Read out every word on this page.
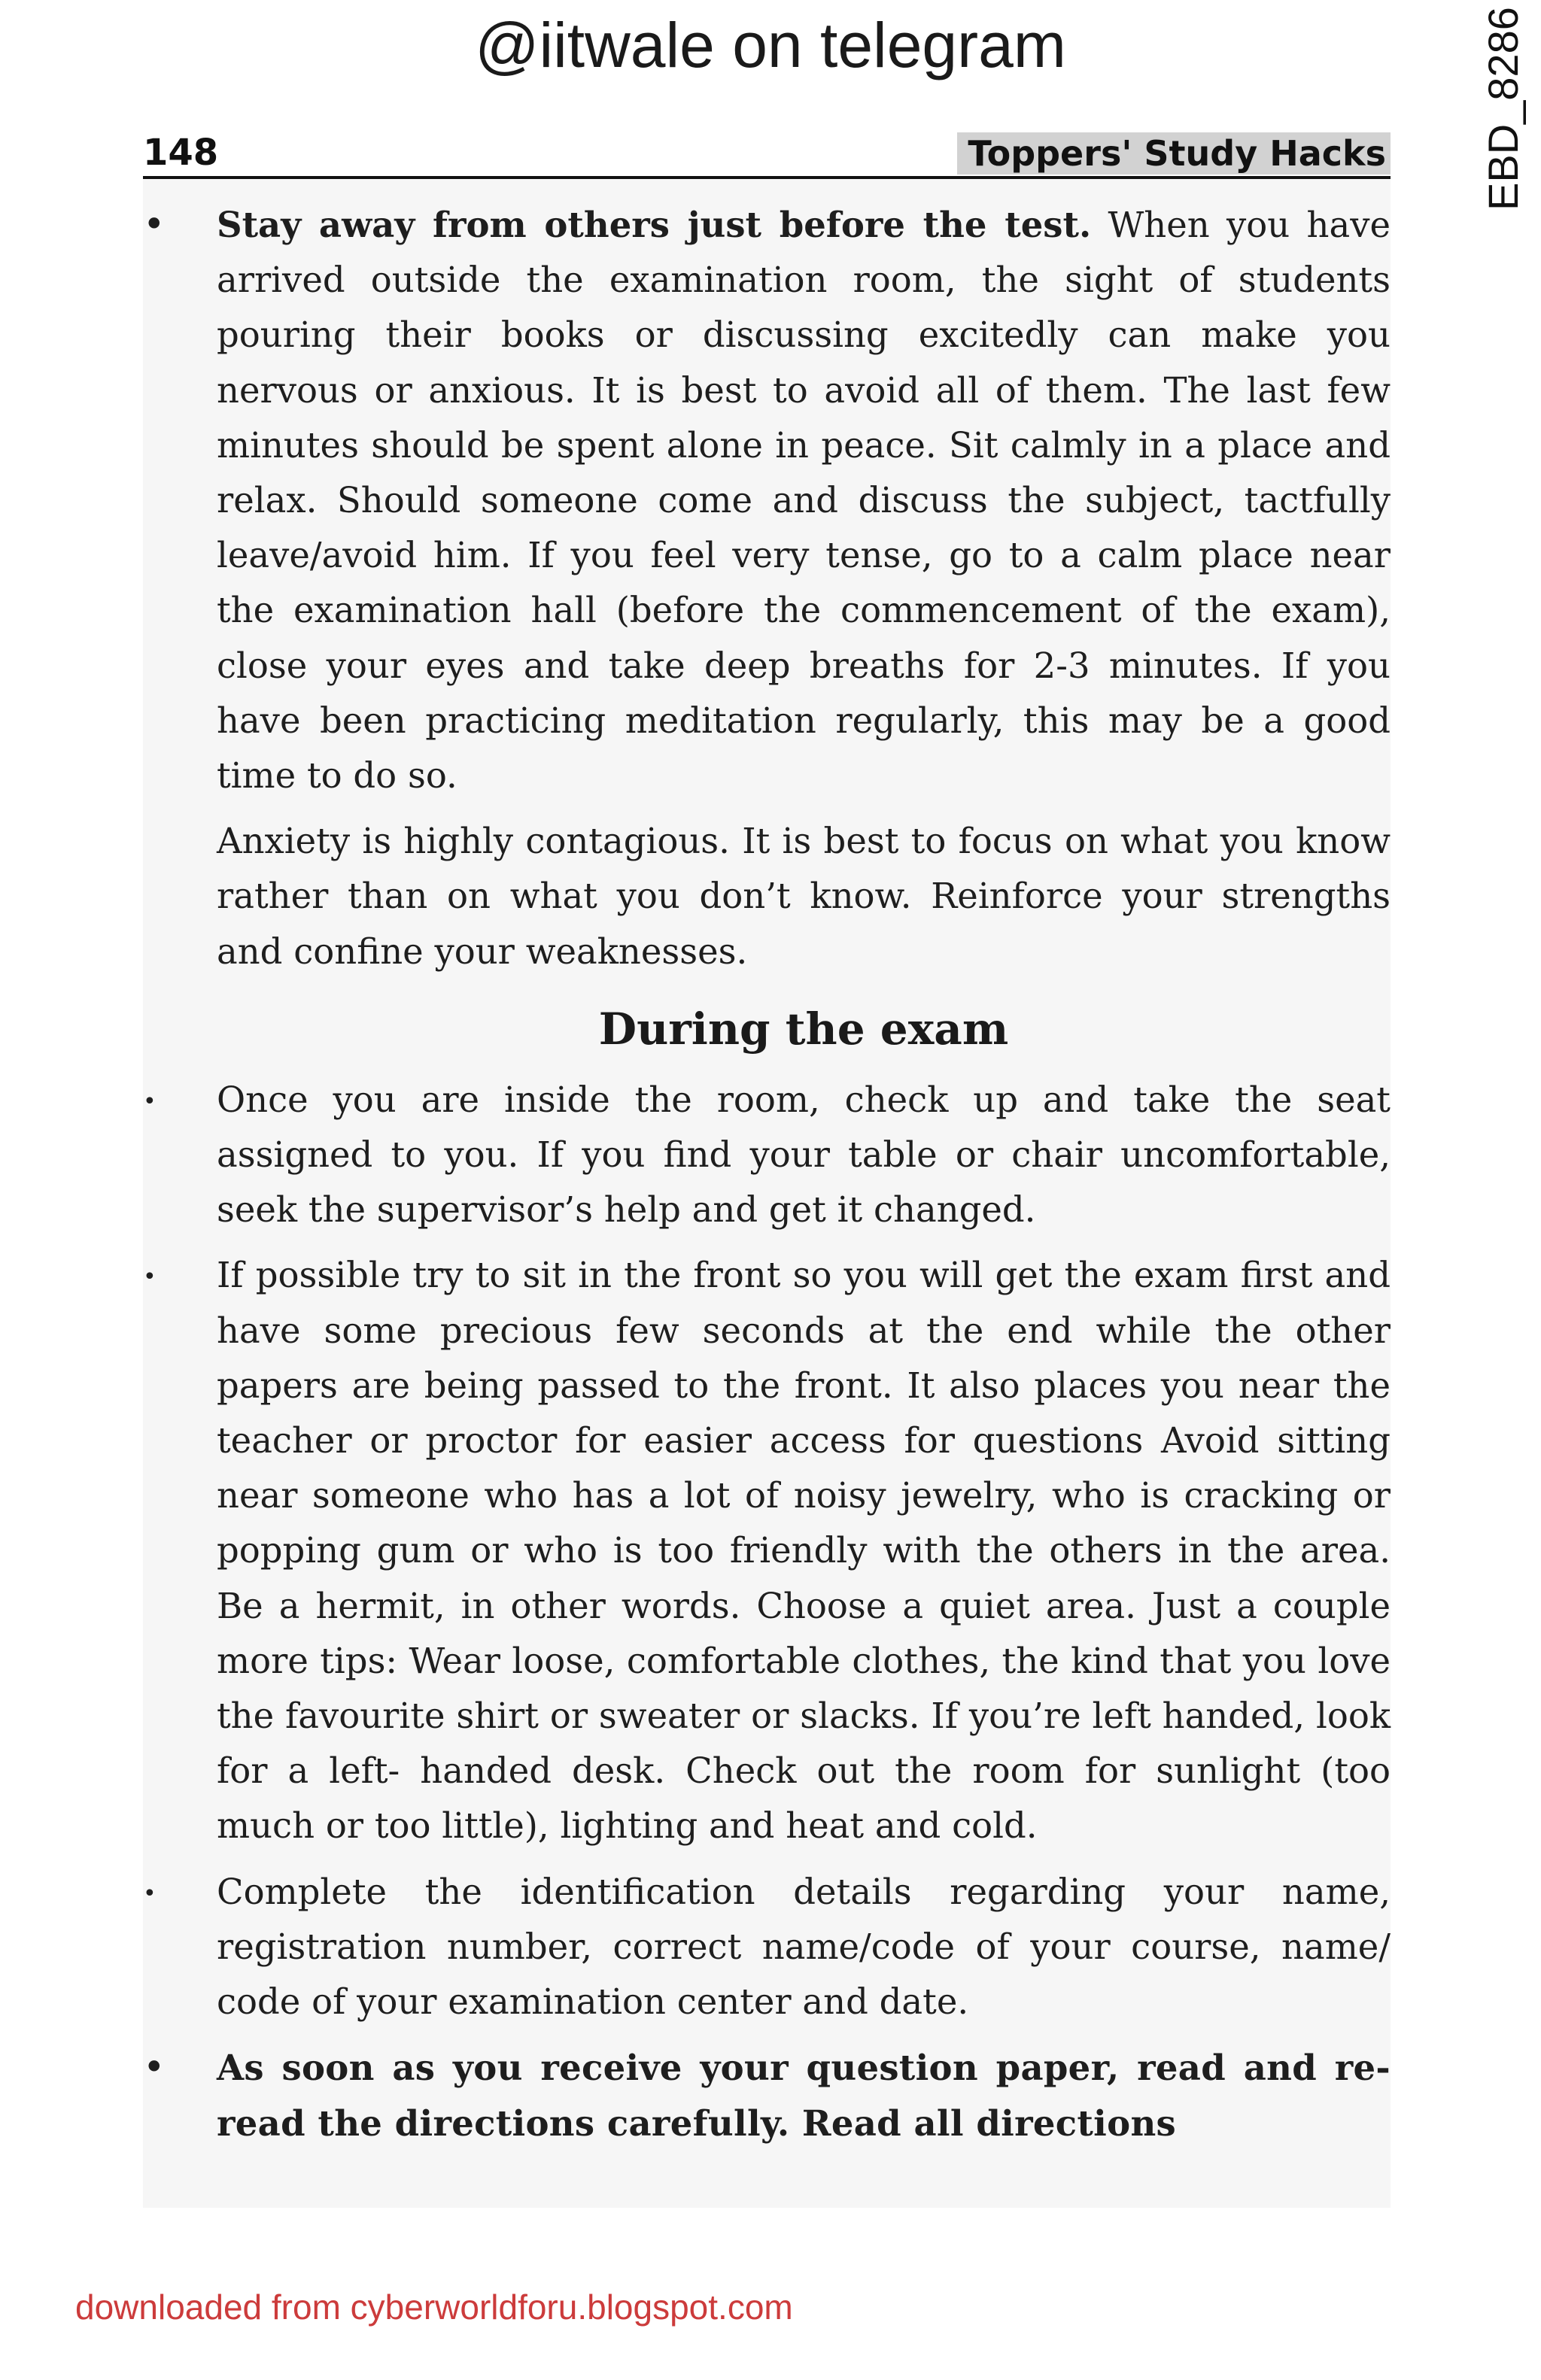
@iitwale on telegram	EBD_8286
148	Toppers' Study Hacks
• Stay away from others just before the test. When you have arrived outside the examination room, the sight of students pouring their books or discussing excitedly can make you nervous or anxious. It is best to avoid all of them. The last few minutes should be spent alone in peace. Sit calmly in a place and relax. Should someone come and discuss the subject, tactfully leave/avoid him. If you feel very tense, go to a calm place near the examination hall (before the commencement of the exam), close your eyes and take deep breaths for 2-3 minutes. If you have been practicing meditation regularly, this may be a good time to do so.

Anxiety is highly contagious. It is best to focus on what you know rather than on what you don’t know. Reinforce your strengths and confine your weaknesses.

During the exam
• Once you are inside the room, check up and take the seat assigned to you. If you find your table or chair uncomfortable, seek the supervisor’s help and get it changed.

• If possible try to sit in the front so you will get the exam first and have some precious few seconds at the end while the other papers are being passed to the front. It also places you near the teacher or proctor for easier access for questions Avoid sitting near someone who has a lot of noisy jewelry, who is cracking or popping gum or who is too friendly with the others in the area. Be a hermit, in other words. Choose a quiet area. Just a couple more tips: Wear loose, comfortable clothes, the kind that you love the favourite shirt or sweater or slacks. If you’re left handed, look for a left- handed desk. Check out the room for sunlight (too much or too little), lighting and heat and cold.

• Complete the identification details regarding your name, registration number, correct name/code of your course, name/ code of your examination center and date.

• As soon as you receive your question paper, read and re-read the directions carefully. Read all directions

downloaded from cyberworldforu.blogspot.com
